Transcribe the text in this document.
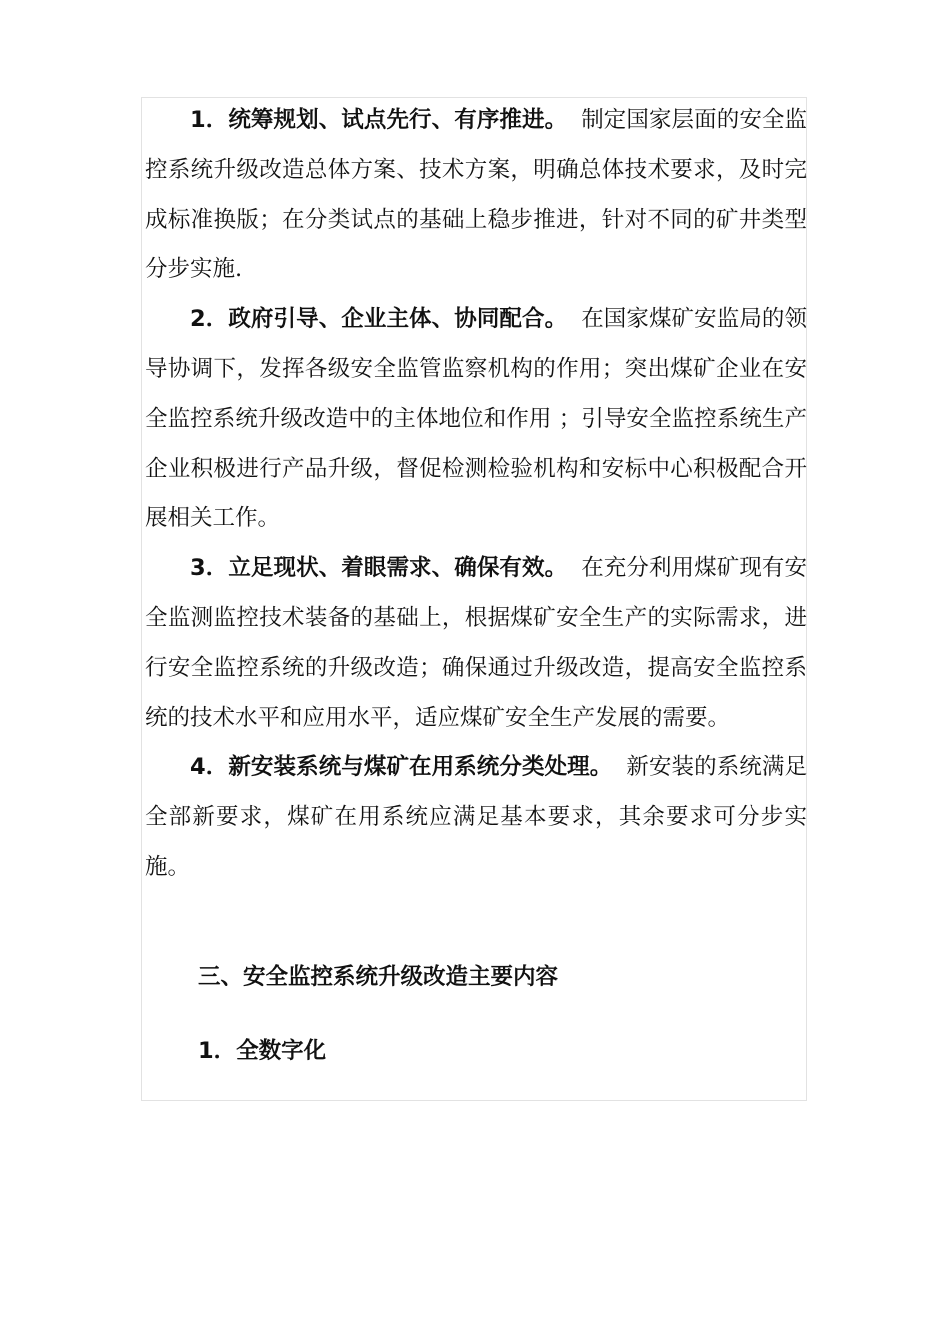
1．统筹规划、试点先行、有序推进。 制定国家层面的安全监控系统升级改造总体方案、技术方案，明确总体技术要求，及时完成标准换版；在分类试点的基础上稳步推进，针对不同的矿井类型分步实施.

2．政府引导、企业主体、协同配合。 在国家煤矿安监局的领导协调下，发挥各级安全监管监察机构的作用；突出煤矿企业在安全监控系统升级改造中的主体地位和作用 ；引导安全监控系统生产企业积极进行产品升级，督促检测检验机构和安标中心积极配合开展相关工作。

3．立足现状、着眼需求、确保有效。 在充分利用煤矿现有安全监测监控技术装备的基础上，根据煤矿安全生产的实际需求，进行安全监控系统的升级改造；确保通过升级改造，提高安全监控系统的技术水平和应用水平，适应煤矿安全生产发展的需要。

4．新安装系统与煤矿在用系统分类处理。 新安装的系统满足全部新要求，煤矿在用系统应满足基本要求，其余要求可分步实施。

三、安全监控系统升级改造主要内容
1．全数字化
